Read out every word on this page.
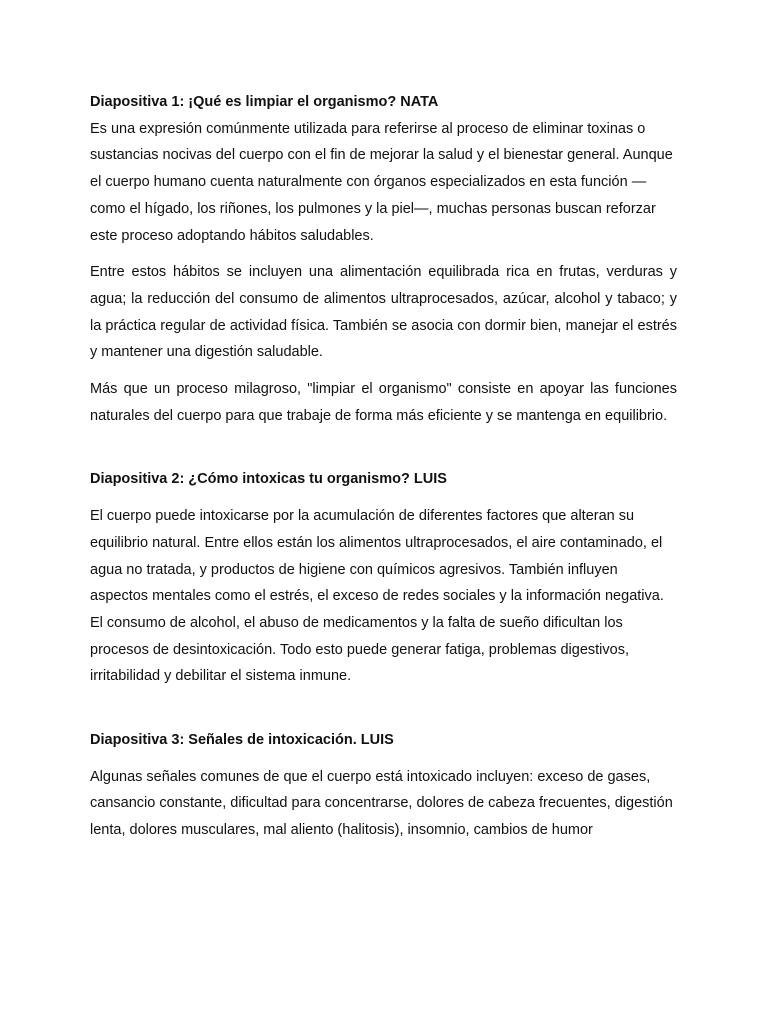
Diapositiva 1: ¡Qué es limpiar el organismo? NATA

Es una expresión comúnmente utilizada para referirse al proceso de eliminar toxinas o sustancias nocivas del cuerpo con el fin de mejorar la salud y el bienestar general. Aunque el cuerpo humano cuenta naturalmente con órganos especializados en esta función —como el hígado, los riñones, los pulmones y la piel—, muchas personas buscan reforzar este proceso adoptando hábitos saludables.

Entre estos hábitos se incluyen una alimentación equilibrada rica en frutas, verduras y agua; la reducción del consumo de alimentos ultraprocesados, azúcar, alcohol y tabaco; y la práctica regular de actividad física. También se asocia con dormir bien, manejar el estrés y mantener una digestión saludable.

Más que un proceso milagroso, "limpiar el organismo" consiste en apoyar las funciones naturales del cuerpo para que trabaje de forma más eficiente y se mantenga en equilibrio.

Diapositiva 2: ¿Cómo intoxicas tu organismo? LUIS

El cuerpo puede intoxicarse por la acumulación de diferentes factores que alteran su equilibrio natural. Entre ellos están los alimentos ultraprocesados, el aire contaminado, el agua no tratada, y productos de higiene con químicos agresivos. También influyen aspectos mentales como el estrés, el exceso de redes sociales y la información negativa. El consumo de alcohol, el abuso de medicamentos y la falta de sueño dificultan los procesos de desintoxicación. Todo esto puede generar fatiga, problemas digestivos, irritabilidad y debilitar el sistema inmune.

Diapositiva 3: Señales de intoxicación. LUIS

Algunas señales comunes de que el cuerpo está intoxicado incluyen: exceso de gases, cansancio constante, dificultad para concentrarse, dolores de cabeza frecuentes, digestión lenta, dolores musculares, mal aliento (halitosis), insomnio, cambios de humor
